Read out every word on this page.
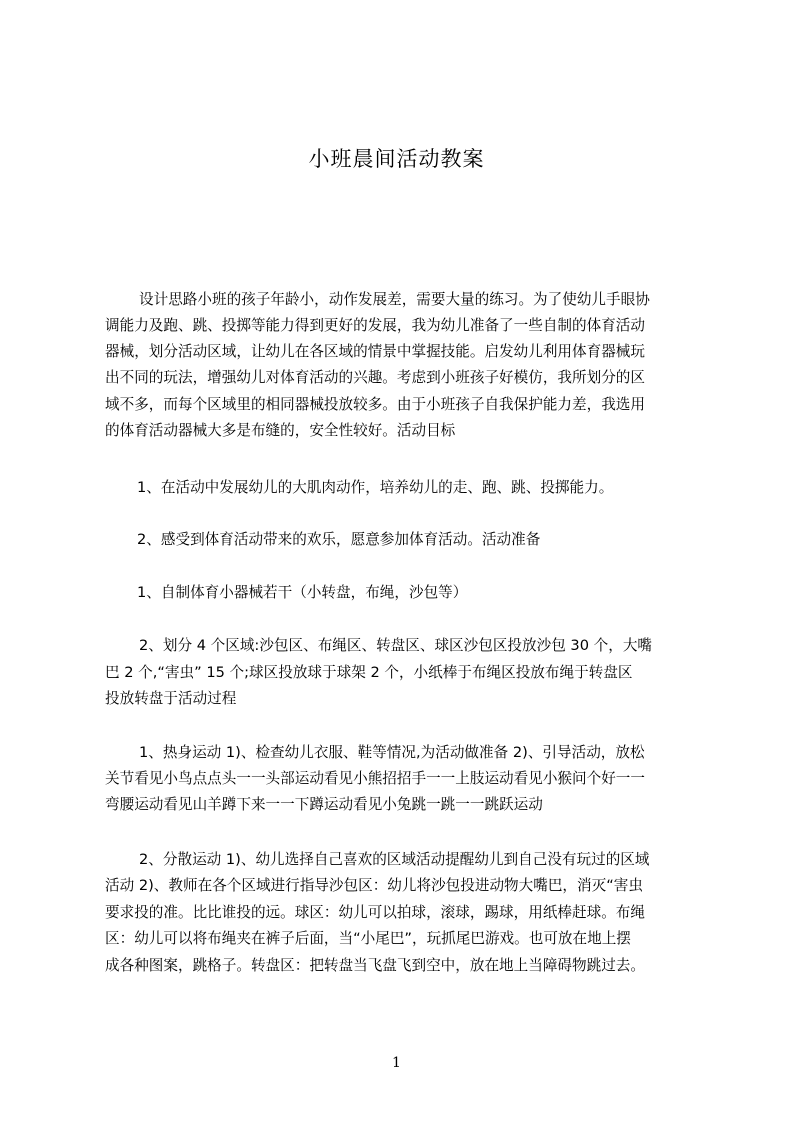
小班晨间活动教案
设计思路小班的孩子年龄小，动作发展差，需要大量的练习。为了使幼儿手眼协
调能力及跑、跳、投掷等能力得到更好的发展，我为幼儿准备了一些自制的体育活动
器械，划分活动区域，让幼儿在各区域的情景中掌握技能。启发幼儿利用体育器械玩
出不同的玩法，增强幼儿对体育活动的兴趣。考虑到小班孩子好模仿，我所划分的区
域不多，而每个区域里的相同器械投放较多。由于小班孩子自我保护能力差，我选用
的体育活动器械大多是布缝的，安全性较好。活动目标
1、在活动中发展幼儿的大肌肉动作，培养幼儿的走、跑、跳、投掷能力。
2、感受到体育活动带来的欢乐，愿意参加体育活动。活动准备
1、自制体育小器械若干（小转盘，布绳，沙包等）
2、划分 4 个区域:沙包区、布绳区、转盘区、球区沙包区投放沙包 30 个，大嘴
巴 2 个,“害虫” 15 个;球区投放球于球架 2 个，小纸棒于布绳区投放布绳于转盘区
投放转盘于活动过程
1、热身运动 1)、检查幼儿衣服、鞋等情况,为活动做准备 2)、引导活动，放松
关节看见小鸟点点头一一头部运动看见小熊招招手一一上肢运动看见小猴问个好一一
弯腰运动看见山羊蹲下来一一下蹲运动看见小兔跳一跳一一跳跃运动
2、分散运动 1)、幼儿选择自己喜欢的区域活动提醒幼儿到自己没有玩过的区域
活动 2)、教师在各个区域进行指导沙包区：幼儿将沙包投进动物大嘴巴，消灭“害虫
要求投的准。比比谁投的远。球区：幼儿可以拍球，滚球，踢球，用纸棒赶球。布绳
区：幼儿可以将布绳夹在裤子后面，当“小尾巴”，玩抓尾巴游戏。也可放在地上摆
成各种图案，跳格子。转盘区：把转盘当飞盘飞到空中，放在地上当障碍物跳过去。
1
